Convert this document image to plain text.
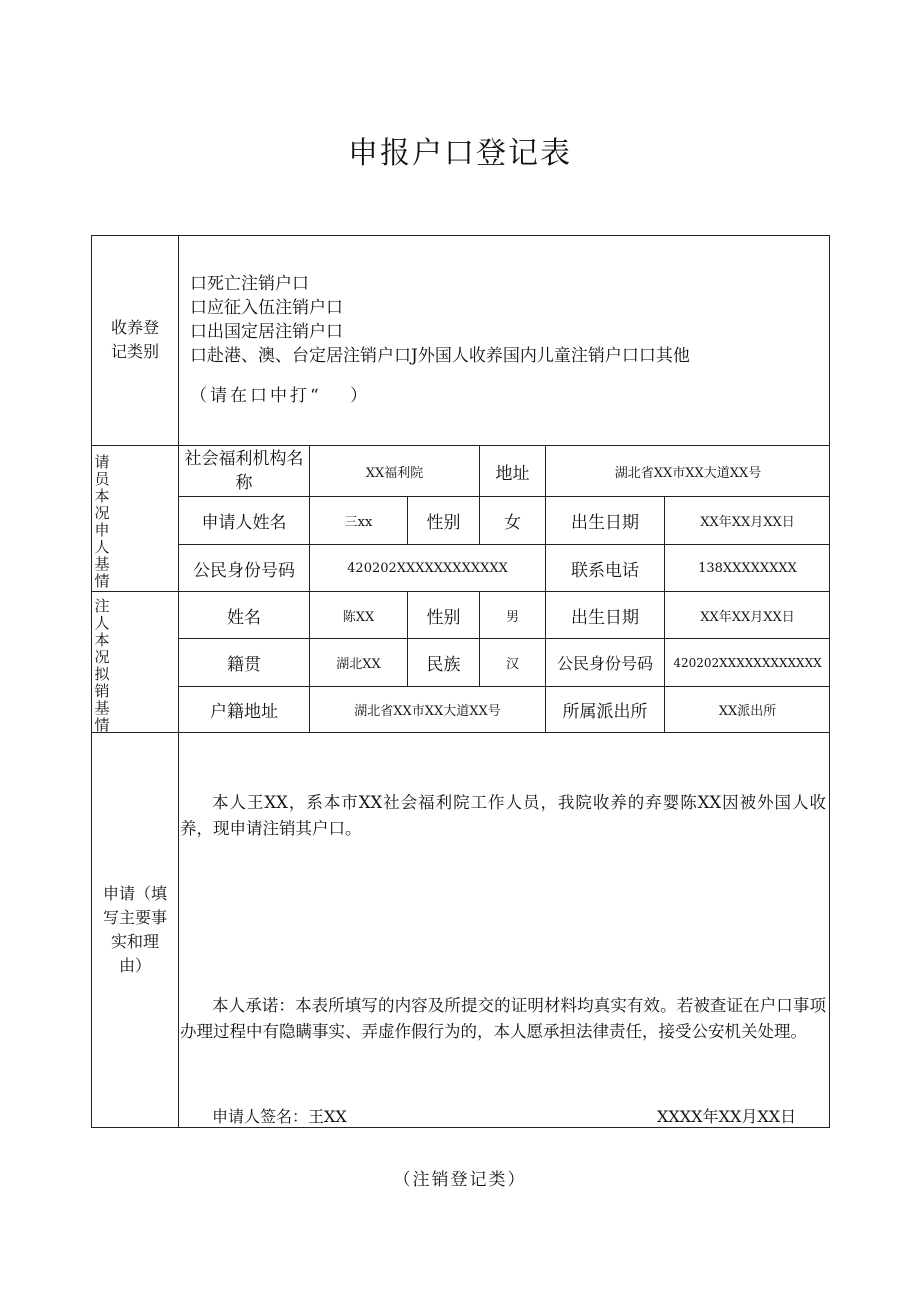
申报户口登记表
收养登记类别
口死亡注销户口
口应征入伍注销户口
口出国定居注销户口
口赴港、澳、台定居注销户口J外国人收养国内儿童注销户口口其他
（请在口中打“　 ）
请员本况申人基情
社会福利机构名称	XX福利院	地址	湖北省XX市XX大道XX号
申请人姓名	三xx	性别	女	出生日期	XX年XX月XX日
公民身份号码	420202XXXXXXXXXXXX	联系电话	138XXXXXXXX
注人本况拟销基情
姓名	陈XX	性别	男	出生日期	XX年XX月XX日
籍贯	湖北XX	民族	汉	公民身份号码	420202XXXXXXXXXXXX
户籍地址	湖北省XX市XX大道XX号	所属派出所	XX派出所
申请（填写主要事实和理由）
本人王XX，系本市XX社会福利院工作人员，我院收养的弃婴陈XX因被外国人收养，现申请注销其户口。
本人承诺：本表所填写的内容及所提交的证明材料均真实有效。若被查证在户口事项办理过程中有隐瞒事实、弄虚作假行为的，本人愿承担法律责任，接受公安机关处理。
申请人签名：王XX	XXXX年XX月XX日
（注销登记类）
